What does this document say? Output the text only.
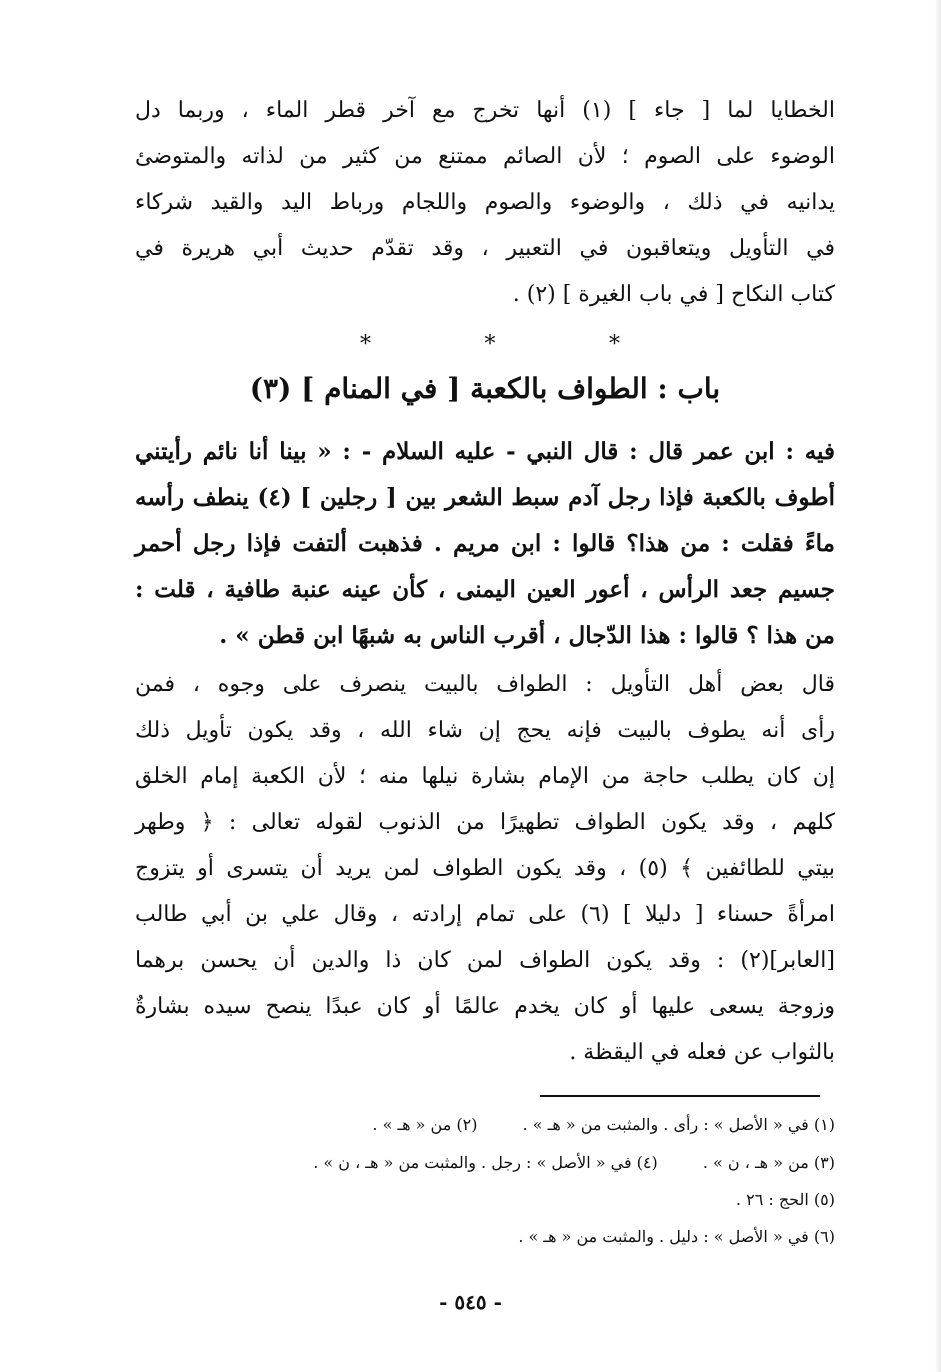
الخطايا لما [ جاء ] (١) أنها تخرج مع آخر قطر الماء ، وربما دل
الوضوء على الصوم ؛ لأن الصائم ممتنع من كثير من لذاته والمتوضئ
يدانيه في ذلك ، والوضوء والصوم واللجام ورباط اليد والقيد شركاء
في التأويل ويتعاقبون في التعبير ، وقد تقدّم حديث أبي هريرة في
كتاب النكاح [ في باب الغيرة ] (٢) .
باب : الطواف بالكعبة [ في المنام ] (٣)
فيه : ابن عمر قال : قال النبي - عليه السلام - : « بينا أنا نائم رأيتني
أطوف بالكعبة فإذا رجل آدم سبط الشعر بين [ رجلين ] (٤) ينطف رأسه
ماءً فقلت : من هذا؟ قالوا : ابن مريم . فذهبت ألتفت فإذا رجل أحمر
جسيم جعد الرأس ، أعور العين اليمنى ، كأن عينه عنبة طافية ، قلت :
من هذا ؟ قالوا : هذا الدّجال ، أقرب الناس به شبهًا ابن قطن » .
قال بعض أهل التأويل : الطواف بالبيت ينصرف على وجوه ، فمن
رأى أنه يطوف بالبيت فإنه يحج إن شاء الله ، وقد يكون تأويل ذلك
إن كان يطلب حاجة من الإمام بشارة نيلها منه ؛ لأن الكعبة إمام الخلق
كلهم ، وقد يكون الطواف تطهيرًا من الذنوب لقوله تعالى : ﴿ وطهر
بيتي للطائفين ﴾ (٥) ، وقد يكون الطواف لمن يريد أن يتسرى أو يتزوج
امرأةً حسناء [ دليلا ] (٦) على تمام إرادته ، وقال علي بن أبي طالب
[العابر](٢) : وقد يكون الطواف لمن كان ذا والدين أن يحسن برهما
وزوجة يسعى عليها أو كان يخدم عالمًا أو كان عبدًا ينصح سيده بشارةٌ
بالثواب عن فعله في اليقظة .
(١) في « الأصل » : رأى . والمثبت من « هـ » . (٢) من « هـ » .
(٣) من « هـ ، ن » . (٤) في « الأصل » : رجل . والمثبت من « هـ ، ن » .
(٥) الحج : ٢٦ .
(٦) في « الأصل » : دليل . والمثبت من « هـ » .
*	*	*
- ٥٤٥ -
